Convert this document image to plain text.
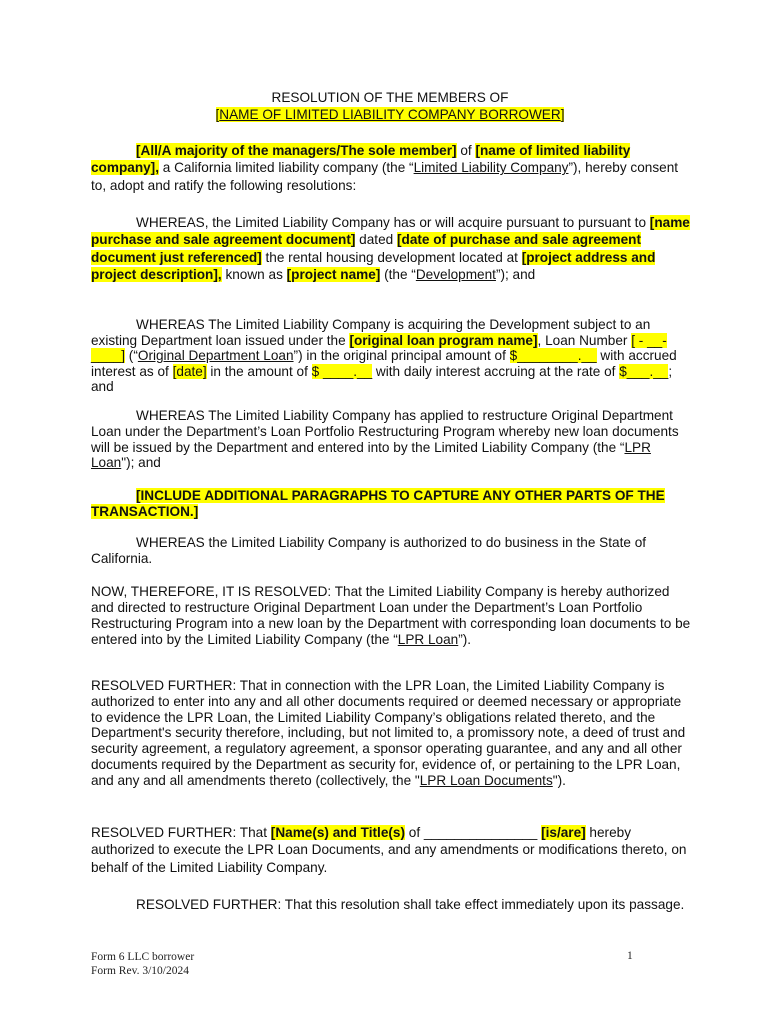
RESOLUTION OF THE MEMBERS OF
[NAME OF LIMITED LIABILITY COMPANY BORROWER]

[All/A majority of the managers/The sole member] of [name of limited liability company], a California limited liability company (the “Limited Liability Company”), hereby consent to, adopt and ratify the following resolutions:

WHEREAS, the Limited Liability Company has or will acquire pursuant to pursuant to [name purchase and sale agreement document] dated [date of purchase and sale agreement document just referenced] the rental housing development located at [project address and project description], known as [project name] (the “Development”); and

WHEREAS The Limited Liability Company is acquiring the Development subject to an existing Department loan issued under the [original loan program name], Loan Number [ - __-____] (“Original Department Loan”) in the original principal amount of $________.__ with accrued interest as of [date] in the amount of $ ____.__ with daily interest accruing at the rate of $___.__; and

WHEREAS The Limited Liability Company has applied to restructure Original Department Loan under the Department’s Loan Portfolio Restructuring Program whereby new loan documents will be issued by the Department and entered into by the Limited Liability Company (the “LPR Loan"); and

[INCLUDE ADDITIONAL PARAGRAPHS TO CAPTURE ANY OTHER PARTS OF THE TRANSACTION.]

WHEREAS the Limited Liability Company is authorized to do business in the State of California.

NOW, THEREFORE, IT IS RESOLVED: That the Limited Liability Company is hereby authorized and directed to restructure Original Department Loan under the Department’s Loan Portfolio Restructuring Program into a new loan by the Department with corresponding loan documents to be entered into by the Limited Liability Company (the “LPR Loan”).

RESOLVED FURTHER: That in connection with the LPR Loan, the Limited Liability Company is authorized to enter into any and all other documents required or deemed necessary or appropriate to evidence the LPR Loan, the Limited Liability Company’s obligations related thereto, and the Department's security therefore, including, but not limited to, a promissory note, a deed of trust and security agreement, a regulatory agreement, a sponsor operating guarantee, and any and all other documents required by the Department as security for, evidence of, or pertaining to the LPR Loan, and any and all amendments thereto (collectively, the "LPR Loan Documents").

RESOLVED FURTHER: That [Name(s) and Title(s) of _______________ [is/are] hereby authorized to execute the LPR Loan Documents, and any amendments or modifications thereto, on behalf of the Limited Liability Company.

RESOLVED FURTHER: That this resolution shall take effect immediately upon its passage.

Form 6 LLC borrower
Form Rev. 3/10/2024
1
